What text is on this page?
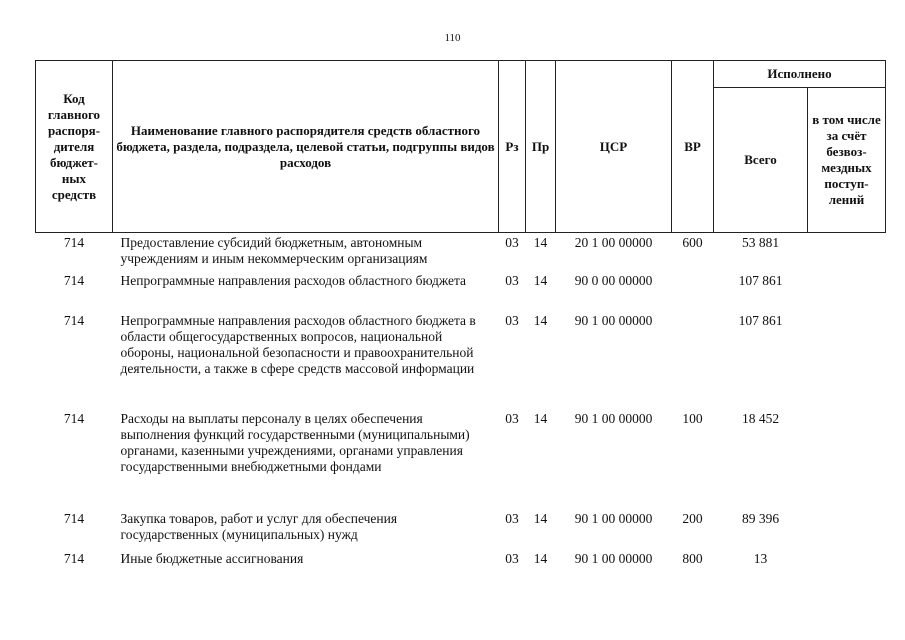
110
Код главного распоря-дителя бюджет-ных средств	Наименование главного распорядителя средств областного бюджета, раздела, подраздела, целевой статьи, подгруппы видов расходов	Рз	Пр	ЦСР	ВР	Исполнено	
						Всего	в том числе за счёт безвоз-мездных поступ-лений
714	Предоставление субсидий бюджетным, автономным учреждениям и иным некоммерческим организациям	03	14	20 1 00 00000	600	53 881	
714	Непрограммные направления расходов областного бюджета	03	14	90 0 00 00000		107 861	
714	Непрограммные направления расходов областного бюджета в области общегосударственных вопросов, национальной обороны, национальной безопасности и правоохранительной деятельности, а также в сфере средств массовой информации	03	14	90 1 00 00000		107 861	
714	Расходы на выплаты персоналу в целях обеспечения выполнения функций государственными (муниципальными) органами, казенными учреждениями, органами управления государственными внебюджетными фондами	03	14	90 1 00 00000	100	18 452	
714	Закупка товаров, работ и услуг для обеспечения государственных (муниципальных) нужд	03	14	90 1 00 00000	200	89 396	
714	Иные бюджетные ассигнования	03	14	90 1 00 00000	800	13	
